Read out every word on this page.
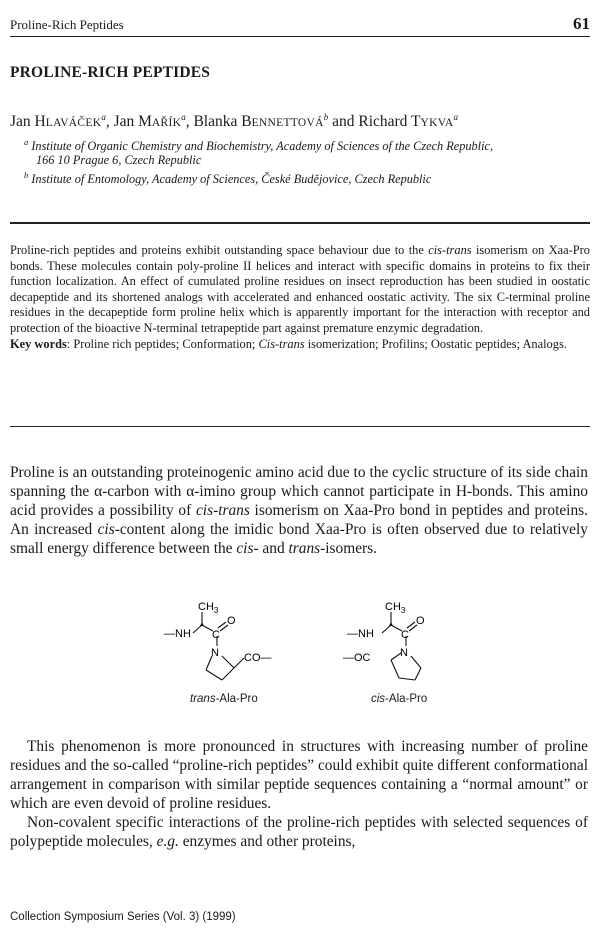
Proline-Rich Peptides	61
PROLINE-RICH PEPTIDES
Jan HLAVÁČEK$^a$, Jan MAŘÍK$^a$, Blanka BENNETTOVÁ$^b$ and Richard TYKVA$^a$
$^a$ Institute of Organic Chemistry and Biochemistry, Academy of Sciences of the Czech Republic,
166 10 Prague 6, Czech Republic
$^b$ Institute of Entomology, Academy of Sciences, České Budějovice, Czech Republic

Proline-rich peptides and proteins exhibit outstanding space behaviour due to the cis-trans isomerism on Xaa-Pro bonds. These molecules contain poly-proline II helices and interact with specific domains in proteins to fix their function localization. An effect of cumulated proline residues on insect reproduction has been studied in oostatic decapeptide and its shortened analogs with accelerated and enhanced oostatic activity. The six C-terminal proline residues in the decapeptide form proline helix which is apparently important for the interaction with receptor and protection of the bioactive N-terminal tetrapeptide part against premature enzymic degradation.

Key words: Proline rich peptides; Conformation; Cis-trans isomerization; Profilins; Oostatic peptides; Analogs.

Proline is an outstanding proteinogenic amino acid due to the cyclic structure of its side chain spanning the α-carbon with α-imino group which cannot participate in H-bonds. This amino acid provides a possibility of cis-trans isomerism on Xaa-Pro bond in peptides and proteins. An increased cis-content along the imidic bond Xaa-Pro is often observed due to relatively small energy difference between the cis- and trans-isomers.

$CH_3$
—NH C
O
N CO—
trans-Ala-Pro
$CH_3$
—NH C
O
N
—OC
cis-Ala-Pro

This phenomenon is more pronounced in structures with increasing number of proline residues and the so-called “proline-rich peptides” could exhibit quite different conformational arrangement in comparison with similar peptide sequences containing a “normal amount” or which are even devoid of proline residues.

Non-covalent specific interactions of the proline-rich peptides with selected sequences of polypeptide molecules, e.g. enzymes and other proteins,

Collection Symposium Series (Vol. 3) (1999)
